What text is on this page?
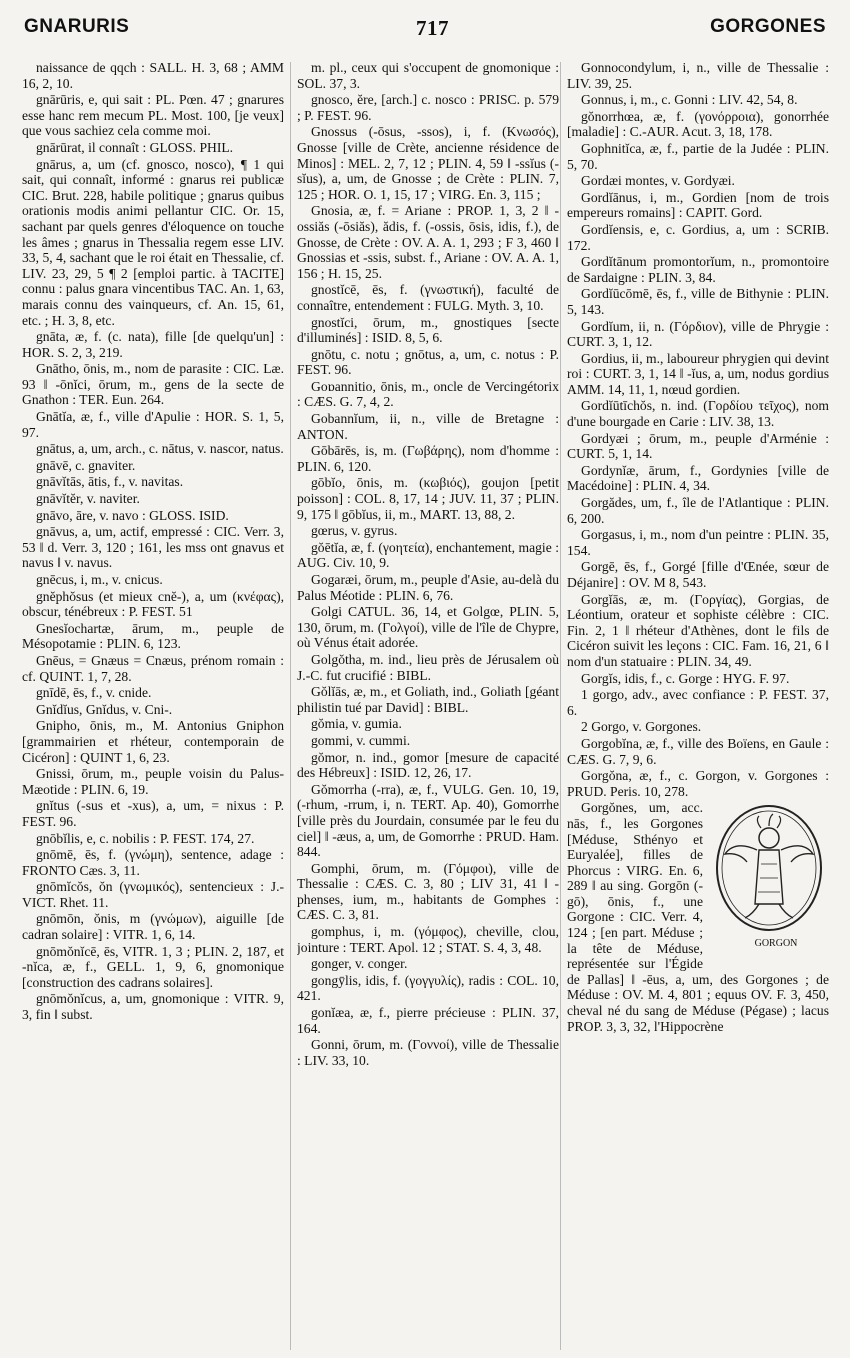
GNARURIS	717	GORGONES
naissance de qqch : SALL. H. 3, 68 ; AMM 16, 2, 10.
gnārūris, e, qui sait : PL. Pœn. 47 ; gnarures esse hanc rem mecum PL. Most. 100, [je veux] que vous sachiez cela comme moi.
gnārūrat, il connaît : GLOSS. PHIL.
gnārus, a, um (cf. gnosco, nosco), ¶ 1 qui sait, qui connaît, informé : gnarus rei publicæ CIC. Brut. 228, habile politique ; gnarus quibus orationis modis animi pellantur CIC. Or. 15, sachant par quels genres d'éloquence on touche les âmes ; gnarus in Thessalia regem esse LIV. 33, 5, 4, sachant que le roi était en Thessalie, cf. LIV. 23, 29, 5 ¶ 2 [emploi partic. à TACITE] connu : palus gnara vincentibus TAC. An. 1, 63, marais connu des vainqueurs, cf. An. 15, 61, etc. ; H. 3, 8, etc.
gnāta, æ, f. (c. nata), fille [de quelqu'un] : HOR. S. 2, 3, 219.
Gnātho, ōnis, m., nom de parasite : CIC. Læ. 93 ‖ -ōnĭci, ōrum, m., gens de la secte de Gnathon : TER. Eun. 264.
Gnātĭa, æ, f., ville d'Apulie : HOR. S. 1, 5, 97.
gnātus, a, um, arch., c. nātus, v. nascor, natus.
gnāvē, c. gnaviter.
gnāvĭtās, ātis, f., v. navitas.
gnāvĭtĕr, v. naviter.
gnāvo, āre, v. navo : GLOSS. ISID.
gnāvus, a, um, actif, empressé : CIC. Verr. 3, 53 ‖ d. Verr. 3, 120 ; 161, les mss ont gnavus et navus ‖ v. navus.
gnēcus, i, m., v. cnicus.
gnĕphŏsus (et mieux cnĕ-), a, um (κνέφας), obscur, ténébreux : P. FEST. 51
Gnesĭochartæ, ārum, m., peuple de Mésopotamie : PLIN. 6, 123.
Gnēus, = Gnæus = Cnæus, prénom romain : cf. QUINT. 1, 7, 28.
gnīdē, ēs, f., v. cnide.
Gnĭdĭus, Gnĭdus, v. Cni-.
Gnipho, ōnis, m., M. Antonius Gniphon [grammairien et rhéteur, contemporain de Cicéron] : QUINT 1, 6, 23.
Gnissi, ōrum, m., peuple voisin du Palus-Mæotide : PLIN. 6, 19.
gnĭtus (-sus et -xus), a, um, = nixus : P. FEST. 96.
gnōbĭlis, e, c. nobilis : P. FEST. 174, 27.
gnōmē, ēs, f. (γνώμη), sentence, adage : FRONTO Cæs. 3, 11.
gnōmĭcŏs, ŏn (γνωμικός), sentencieux : J.-VICT. Rhet. 11.
gnōmōn, ŏnis, m (γνώμων), aiguille [de cadran solaire] : VITR. 1, 6, 14.
gnōmŏnĭcē, ēs, VITR. 1, 3 ; PLIN. 2, 187, et -nĭca, æ, f., GELL. 1, 9, 6, gnomonique [construction des cadrans solaires].
gnōmŏnĭcus, a, um, gnomonique : VITR. 9, 3, fin ‖ subst.
m. pl., ceux qui s'occupent de gnomonique : SOL. 37, 3.
gnosco, ĕre, [arch.] c. nosco : PRISC. p. 579 ; P. FEST. 96.
Gnossus (-ōsus, -ssos), i, f. (Κνωσός), Gnosse [ville de Crète, ancienne résidence de Minos] : MEL. 2, 7, 12 ; PLIN. 4, 59 ‖ -ssĭus (-sĭus), a, um, de Gnosse ; de Crète : PLIN. 7, 125 ; HOR. O. 1, 15, 17 ; VIRG. En. 3, 115 ;
Gnosia, æ, f. = Ariane : PROP. 1, 3, 2 ‖ -ossiăs (-ōsiăs), ădis, f. (-ossis, ōsis, idis, f.), de Gnosse, de Crète : OV. A. A. 1, 293 ; F 3, 460 ‖ Gnossias et -ssis, subst. f., Ariane : OV. A. A. 1, 156 ; H. 15, 25.
gnostĭcē, ēs, f. (γνωστική), faculté de connaître, entendement : FULG. Myth. 3, 10.
gnostĭci, ōrum, m., gnostiques [secte d'illuminés] : ISID. 8, 5, 6.
gnōtu, c. notu ; gnōtus, a, um, c. notus : P. FEST. 96.
Goɒannitio, ōnis, m., oncle de Vercingétorix : CÆS. G. 7, 4, 2.
Gobannĭum, ii, n., ville de Bretagne : ANTON.
Gōbārēs, is, m. (Γωβάρης), nom d'homme : PLIN. 6, 120.
gōbĭo, ōnis, m. (κωβιός), goujon [petit poisson] : COL. 8, 17, 14 ; JUV. 11, 37 ; PLIN. 9, 175 ‖ gōbĭus, ii, m., MART. 13, 88, 2.
gœrus, v. gyrus.
gŏētĭa, æ, f. (γοητεία), enchantement, magie : AUG. Civ. 10, 9.
Gogaræi, ōrum, m., peuple d'Asie, au-delà du Palus Méotide : PLIN. 6, 76.
Golgi CATUL. 36, 14, et Golgœ, PLIN. 5, 130, ōrum, m. (Γολγοί), ville de l'île de Chypre, où Vénus était adorée.
Golgŏtha, m. ind., lieu près de Jérusalem où J.-C. fut crucifié : BIBL.
Gŏlĭās, æ, m., et Goliath, ind., Goliath [géant philistin tué par David] : BIBL.
gŏmia, v. gumia.
gommi, v. cummi.
gŏmor, n. ind., gomor [mesure de capacité des Hébreux] : ISID. 12, 26, 17.
Gŏmorrha (-rra), æ, f., VULG. Gen. 10, 19, (-rhum, -rrum, i, n. TERT. Ap. 40), Gomorrhe [ville près du Jourdain, consumée par le feu du ciel] ‖ -æus, a, um, de Gomorrhe : PRUD. Ham. 844.
Gomphi, ōrum, m. (Γόμφοι), ville de Thessalie : CÆS. C. 3, 80 ; LIV 31, 41 ‖ -phenses, ium, m., habitants de Gomphes : CÆS. C. 3, 81.
gomphus, i, m. (γόμφος), cheville, clou, jointure : TERT. Apol. 12 ; STAT. S. 4, 3, 48.
gonger, v. conger.
gongȳlis, idis, f. (γογγυλίς), radis : COL. 10, 421.
gonĭæa, æ, f., pierre précieuse : PLIN. 37, 164.
Gonni, ōrum, m. (Γοννοί), ville de Thessalie : LIV. 33, 10.
Gonnocondylum, i, n., ville de Thessalie : LIV. 39, 25.
Gonnus, i, m., c. Gonni : LIV. 42, 54, 8.
gŏnorrhœa, æ, f. (γονόρροια), gonorrhée [maladie] : C.-AUR. Acut. 3, 18, 178.
Gophnitĭca, æ, f., partie de la Judée : PLIN. 5, 70.
Gordæi montes, v. Gordyæi.
Gordĭānus, i, m., Gordien [nom de trois empereurs romains] : CAPIT. Gord.
Gordĭensis, e, c. Gordius, a, um : SCRIB. 172.
Gordĭtānum promontorĭum, n., promontoire de Sardaigne : PLIN. 3, 84.
Gordĭūcōmē, ēs, f., ville de Bithynie : PLIN. 5, 143.
Gordĭum, ii, n. (Γόρδιον), ville de Phrygie : CURT. 3, 1, 12.
Gordius, ii, m., laboureur phrygien qui devint roi : CURT. 3, 1, 14 ‖ -ĭus, a, um, nodus gordius AMM. 14, 11, 1, nœud gordien.
Gordĭūtīchŏs, n. ind. (Γορδίου τεῖχος), nom d'une bourgade en Carie : LIV. 38, 13.
Gordyæi ; ōrum, m., peuple d'Arménie : CURT. 5, 1, 14.
Gordynĭæ, ārum, f., Gordynies [ville de Macédoine] : PLIN. 4, 34.
Gorgădes, um, f., île de l'Atlantique : PLIN. 6, 200.
Gorgasus, i, m., nom d'un peintre : PLIN. 35, 154.
Gorgē, ēs, f., Gorgé [fille d'Œnée, sœur de Déjanire] : OV. M 8, 543.
Gorgĭās, æ, m. (Γοργίας), Gorgias, de Léontium, orateur et sophiste célèbre : CIC. Fin. 2, 1 ‖ rhéteur d'Athènes, dont le fils de Cicéron suivit les leçons : CIC. Fam. 16, 21, 6 ‖ nom d'un statuaire : PLIN. 34, 49.
Gorgĭs, idis, f., c. Gorge : HYG. F. 97.
1 gorgo, adv., avec confiance : P. FEST. 37, 6.
2 Gorgo, v. Gorgones.
Gorgobĭna, æ, f., ville des Boïens, en Gaule : CÆS. G. 7, 9, 6.
Gorgŏna, æ, f., c. Gorgon, v. Gorgones : PRUD. Peris. 10, 278.
GORGON
Gorgŏnes, um, acc. nās, f., les Gorgones [Méduse, Sthényo et Euryalée], filles de Phorcus : VIRG. En. 6, 289 ‖ au sing. Gorgōn (-gō), ōnis, f., une Gorgone : CIC. Verr. 4, 124 ; [en part. Méduse ; la tête de Méduse, représentée sur l'Égide de Pallas] ‖ -ēus, a, um, des Gorgones ; de Méduse : OV. M. 4, 801 ; equus OV. F. 3, 450, cheval né du sang de Méduse (Pégase) ; lacus PROP. 3, 3, 32, l'Hippocrène
